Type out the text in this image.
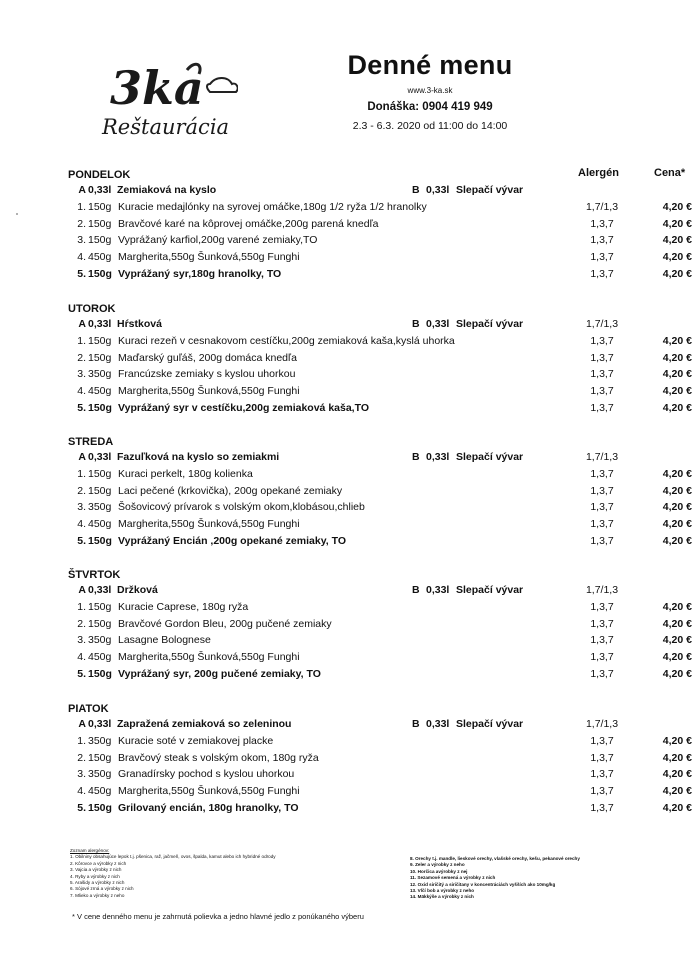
3ka
Reštaurácia
Denné menu
www.3-ka.sk
Donáška: 0904 419 949
2.3 - 6.3. 2020 od 11:00 do 14:00
Alergén	Cena*
PONDELOK
A 0,33l Zemiaková na kyslo	B 0,33l Slepačí vývar
1. 150g Kuracie medajlónky na syrovej omáčke,180g 1/2 ryža 1/2 hranolky	1,7/1,3	4,20 €
2. 150g Bravčové karé na kôprovej omáčke,200g parená knedľa	1,3,7	4,20 €
3. 150g Vyprážaný karfiol,200g varené zemiaky,TO	1,3,7	4,20 €
4. 450g Margherita,550g Šunková,550g Funghi	1,3,7	4,20 €
5. 150g Vyprážaný syr,180g hranolky, TO	1,3,7	4,20 €
UTOROK
A 0,33l Hŕstková	B 0,33l Slepačí vývar	1,7/1,3
1. 150g Kuraci rezeň v cesnakovom cestíčku,200g zemiaková kaša,kyslá uhorka	1,3,7	4,20 €
2. 150g Maďarský guľáš, 200g domáca knedľa	1,3,7	4,20 €
3. 350g Francúzske zemiaky s kyslou uhorkou	1,3,7	4,20 €
4. 450g Margherita,550g Šunková,550g Funghi	1,3,7	4,20 €
5. 150g Vyprážaný syr v cestíčku,200g zemiaková kaša,TO	1,3,7	4,20 €
STREDA
A 0,33l Fazuľková na kyslo so zemiakmi	B 0,33l Slepačí vývar	1,7/1,3
1. 150g Kuraci perkelt, 180g kolienka	1,3,7	4,20 €
2. 150g Laci pečené (krkovička), 200g opekané zemiaky	1,3,7	4,20 €
3. 350g Šošovicový prívarok s volským okom,klobásou,chlieb	1,3,7	4,20 €
4. 450g Margherita,550g Šunková,550g Funghi	1,3,7	4,20 €
5. 150g Vyprážaný Encián ,200g opekané zemiaky, TO	1,3,7	4,20 €
ŠTVRTOK
A 0,33l Držková	B 0,33l Slepačí vývar	1,7/1,3
1. 150g Kuracie Caprese, 180g ryža	1,3,7	4,20 €
2. 150g Bravčové Gordon Bleu, 200g pučené zemiaky	1,3,7	4,20 €
3. 350g Lasagne Bolognese	1,3,7	4,20 €
4. 450g Margherita,550g Šunková,550g Funghi	1,3,7	4,20 €
5. 150g Vyprážaný syr, 200g pučené zemiaky, TO	1,3,7	4,20 €
PIATOK
A 0,33l Zapražená zemiaková so zeleninou	B 0,33l Slepačí vývar	1,7/1,3
1. 350g Kuracie soté v zemiakovej placke	1,3,7	4,20 €
2. 150g Bravčový steak s volským okom, 180g ryža	1,3,7	4,20 €
3. 350g Granadírsky pochod s kyslou uhorkou	1,3,7	4,20 €
4. 450g Margherita,550g Šunková,550g Funghi	1,3,7	4,20 €
5. 150g Grilovaný encián, 180g hranolky, TO	1,3,7	4,20 €
Zoznam alergénov:
1. Obilniny obsahujúce lepok t.j. pšenica, raž, jačmeň, ovos, špalda, kamut alebo ich hybridné odrody
2. Kôrovce a výrobky z nich
3. Vajcia a výrobky z nich
4. Ryby a výrobky z nich
5. Arašidy a výrobky z nich
6. Sójové zrná a výrobky z nich
7. Mlieko a výrobky z neho
8. Orechy t.j. mandle, lieskové orechy, vlašské orechy, kešu, pekanové orechy
9. Zeler a výrobky z neho
10. Horčica avýrobky z nej
11. Sezamové semená a výrobky z nich
12. Oxid siričitý a siričitany v koncentráciách vyšších ako 10mg/kg
13. Vlčí bob a výrobky z neho
14. Mäkkýše a výrobky z nich
* V cene denného menu je zahrnutá polievka a jedno hlavné jedlo z ponúkaného výberu
